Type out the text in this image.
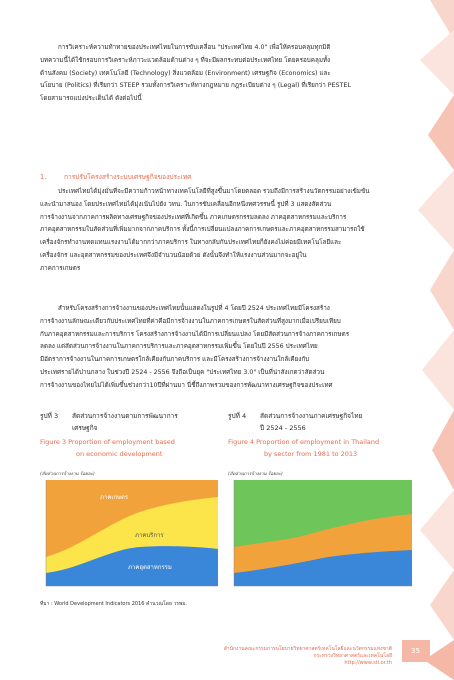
การวิเคราะห์ความท้าทายของประเทศไทยในการขับเคลื่อน "ประเทศไทย 4.0" เพื่อให้ครอบคลุมทุกมิติ
บทความนี้ได้ใช้กรอบการวิเคราะห์ภาวะแวดล้อมด้านต่าง ๆ ที่จะมีผลกระทบต่อประเทศไทย โดยครอบคลุมทั้ง
ด้านสังคม (Society) เทคโนโลยี (Technology) สิ่งแวดล้อม (Environment) เศรษฐกิจ (Economics) และ
นโยบาย (Politics) ที่เรียกว่า STEEP รวมทั้งการวิเคราะห์ทางกฎหมาย กฎระเบียบต่าง ๆ (Legal) ที่เรียกว่า PESTEL
โดยสามารถแบ่งประเด็นได้ ดังต่อไปนี้
1.	การปรับโครงสร้างระบบเศรษฐกิจของประเทศ
ประเทศไทยได้มุ่งมั่นที่จะมีความก้าวหน้าทางเทคโนโลยีที่สูงขึ้นมาโดยตลอด รวมถึงมีการสร้างนวัตกรรมอย่างเข้มข้น
และนำมาสนอง โดยประเทศไทยได้มุ่งเน้นไปยัง วทน. ในการขับเคลื่อนอีกหนึ่งทศวรรษนี้ รูปที่ 3 แสดงสัดส่วน
การจ้างงานจากภาคการผลิตทางเศรษฐกิจของประเทศที่เกิดขึ้น ภาคเกษตรกรรมลดลง ภาคอุตสาหกรรมและบริการ
ภาคอุตสาหกรรมในสัดส่วนที่เพิ่มมากจากภาคบริการ ทั้งนี้การเปลี่ยนแปลงภาคการเกษตรและภาคอุตสาหกรรมสามารถใช้
เครื่องจักรทำงานทดแทนแรงงานได้มากกว่าภาคบริการ ในทางกลับกันประเทศไทยก็ยังคงไม่ค่อยมีเทคโนโลยีและ
เครื่องจักร และอุตสาหกรรมของประเทศจึงมีจำนวนน้อยด้วย ดังนั้นจึงทำให้แรงงานส่วนมากจะอยู่ใน
ภาคการเกษตร
สำหรับโครงสร้างการจ้างงานของประเทศไทยนั้นแสดงในรูปที่ 4 โดยปี 2524 ประเทศไทยมีโครงสร้าง
การจ้างงานลักษณะเดียวกับประเทศไทยที่ค่าคือมีการจ้างงานในภาคการเกษตรในสัดส่วนที่สูงมากเมื่อเปรียบเทียบ
กับภาคอุตสาหกรรมและการบริการ โครงสร้างการจ้างงานได้มีการเปลี่ยนแปลง โดยมีสัดส่วนการจ้างภาคการเกษตร
ลดลง แต่สัดส่วนการจ้างงานในภาคการบริการและภาคอุตสาหกรรมเพิ่มขึ้น โดยในปี 2556 ประเทศไทย
มีอัตราการจ้างงานในภาคการเกษตรใกล้เคียงกับภาคบริการ และมีโครงสร้างการจ้างงานใกล้เคียงกับ
ประเทศรายได้ปานกลาง ในช่วงปี 2524 - 2556 จึงถือเป็นยุค "ประเทศไทย 3.0" เป็นที่น่าสังเกตว่าสัดส่วน
การจ้างงานของไทยไม่ได้เพิ่มขึ้นช่วงกว่า10ปีที่ผ่านมา นี่ชี้ถึงภาพรวมของการพัฒนาทางเศรษฐกิจของประเทศ
รูปที่ 3 สัดส่วนการจ้างงานตามการพัฒนาการ
เศรษฐกิจ
Figure 3 Proportion of employment based
on economic development
รูปที่ 4 สัดส่วนการจ้างงานภาคเศรษฐกิจไทย
ปี 2524 - 2556
Figure 4 Proportion of employment in Thailand
by sector from 1981 to 2013
(สัดส่วนการจ้างงาน ร้อยละ)
ภาคเกษตร
ภาคบริการ
ภาคอุตสาหกรรม
(สัดส่วนการจ้างงาน ร้อยละ)
ที่มา : World Development Indicators 2016 คำนวณโดย วรพม.
สำนักงานคณะกรรมการนโยบายวิทยาศาสตร์เทคโนโลยีและนวัตกรรมแห่งชาติ
กระทรวงวิทยาศาสตร์และเทคโนโลยี
http://www.sti.or.th
35
